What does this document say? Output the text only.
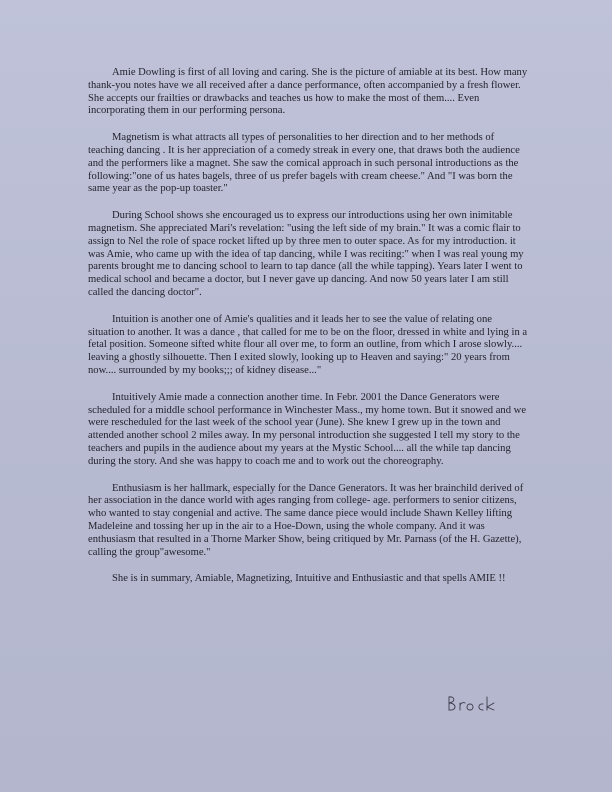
Amie Dowling is first of all loving and caring. She is the picture of amiable at its best. How many thank-you notes have we all received after a dance performance, often accompanied by a fresh flower. She accepts our frailties or drawbacks and teaches us how to make the most of them.... Even incorporating them in our performing persona.

Magnetism is what attracts all types of personalities to her direction and to her methods of teaching dancing . It is her appreciation of a comedy streak in every one, that draws both the audience and the performers like a magnet. She saw the comical approach in such personal introductions as the following:"one of us hates bagels, three of us prefer bagels with cream cheese." And "I was born the same year as the pop-up toaster."

During School shows she encouraged us to express our introductions using her own inimitable magnetism. She appreciated Mari's revelation: "using the left side of my brain." It was a comic flair to assign to Nel the role of space rocket lifted up by three men to outer space. As for my introduction. it was Amie, who came up with the idea of tap dancing, while I was reciting:" when I was real young my parents brought me to dancing school to learn to tap dance (all the while tapping). Years later I went to medical school and became a doctor, but I never gave up dancing. And now 50 years later I am still called the dancing doctor".

Intuition is another one of Amie's qualities and it leads her to see the value of relating one situation to another. It was a dance , that called for me to be on the floor, dressed in white and lying in a fetal position. Someone sifted white flour all over me, to form an outline, from which I arose slowly.... leaving a ghostly silhouette. Then I exited slowly, looking up to Heaven and saying:" 20 years from now.... surrounded by my books;;; of kidney disease..."

Intuitively Amie made a connection another time. In Febr. 2001 the Dance Generators were scheduled for a middle school performance in Winchester Mass., my home town. But it snowed and we were rescheduled for the last week of the school year (June). She knew I grew up in the town and attended another school 2 miles away. In my personal introduction she suggested I tell my story to the teachers and pupils in the audience about my years at the Mystic School.... all the while tap dancing during the story. And she was happy to coach me and to work out the choreography.

Enthusiasm is her hallmark, especially for the Dance Generators. It was her brainchild derived of her association in the dance world with ages ranging from college- age. performers to senior citizens, who wanted to stay congenial and active. The same dance piece would include Shawn Kelley lifting Madeleine and tossing her up in the air to a Hoe-Down, using the whole company. And it was enthusiasm that resulted in a Thorne Marker Show, being critiqued by Mr. Parnass (of the H. Gazette), calling the group"awesome."

She is in summary, Amiable, Magnetizing, Intuitive and Enthusiastic and that spells AMIE !!
